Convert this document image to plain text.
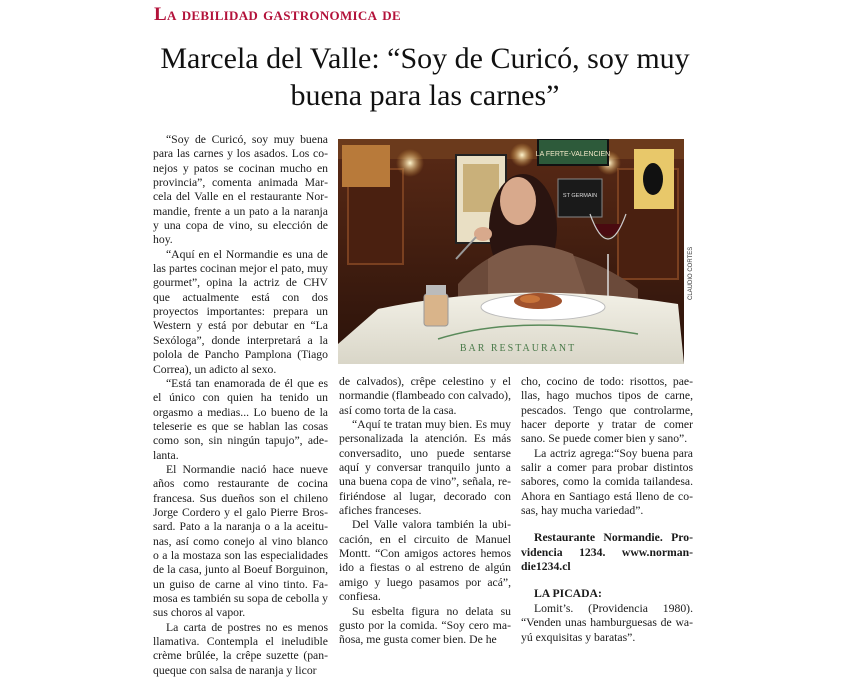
La debilidad gastronomica de
Marcela del Valle: “Soy de Curicó, soy muy
buena para las carnes”

“Soy de Curicó, soy muy buena para las carnes y los asados. Los conejos y patos se cocinan mucho en provincia”, comenta animada Marcela del Valle en el restaurante Normandie, frente a un pato a la naranja y una copa de vino, su elección de hoy.

“Aquí en el Normandie es una de las partes cocinan mejor el pato, muy gourmet”, opina la actriz de CHV que actualmente está con dos proyectos importantes: prepara un Western y está por debutar en “La Sexóloga”, donde interpretará a la polola de Pancho Pamplona (Tiago Correa), un adicto al sexo.

“Está tan enamorada de él que es el único con quien ha tenido un orgasmo a medias... Lo bueno de la teleserie es que se hablan las cosas como son, sin ningún tapujo”, adelanta.

El Normandie nació hace nueve años como restaurante de cocina francesa. Sus dueños son el chileno Jorge Cordero y el galo Pierre Brossard. Pato a la naranja o a la aceitunas, así como conejo al vino blanco o a la mostaza son las especialidades de la casa, junto al Boeuf Borguinon, un guiso de carne al vino tinto. Famosa es también su sopa de cebolla y sus choros al vapor.

La carta de postres no es menos llamativa. Contempla el ineludible crème brûlée, la crêpe suzette (panqueque con salsa de naranja y licor

LA FERTE-VALENCIEN
ST GERMAIN
BAR RESTAURANT
CLAUDIO CORTES

de calvados), crêpe celestino y el normandie (flambeado con calvado), así como torta de la casa.

“Aquí te tratan muy bien. Es muy personalizada la atención. Es más conversadito, uno puede sentarse aquí y conversar tranquilo junto a una buena copa de vino”, señala, refiriéndose al lugar, decorado con afiches franceses.

Del Valle valora también la ubicación, en el circuito de Manuel Montt. “Con amigos actores hemos ido a fiestas o al estreno de algún amigo y luego pasamos por acá”, confiesa.

Su esbelta figura no delata su gusto por la comida. “Soy cero mañosa, me gusta comer bien. De he

cho, cocino de todo: risottos, paellas, hago muchos tipos de carne, pescados. Tengo que controlarme, hacer deporte y tratar de comer sano. Se puede comer bien y sano”.

La actriz agrega:“Soy buena para salir a comer para probar distintos sabores, como la comida tailandesa. Ahora en Santiago está lleno de cosas, hay mucha variedad”.

Restaurante Normandie. Providencia 1234. www.normandie1234.cl

LA PICADA:

Lomit’s. (Providencia 1980). “Venden unas hamburguesas de wayú exquisitas y baratas”.
